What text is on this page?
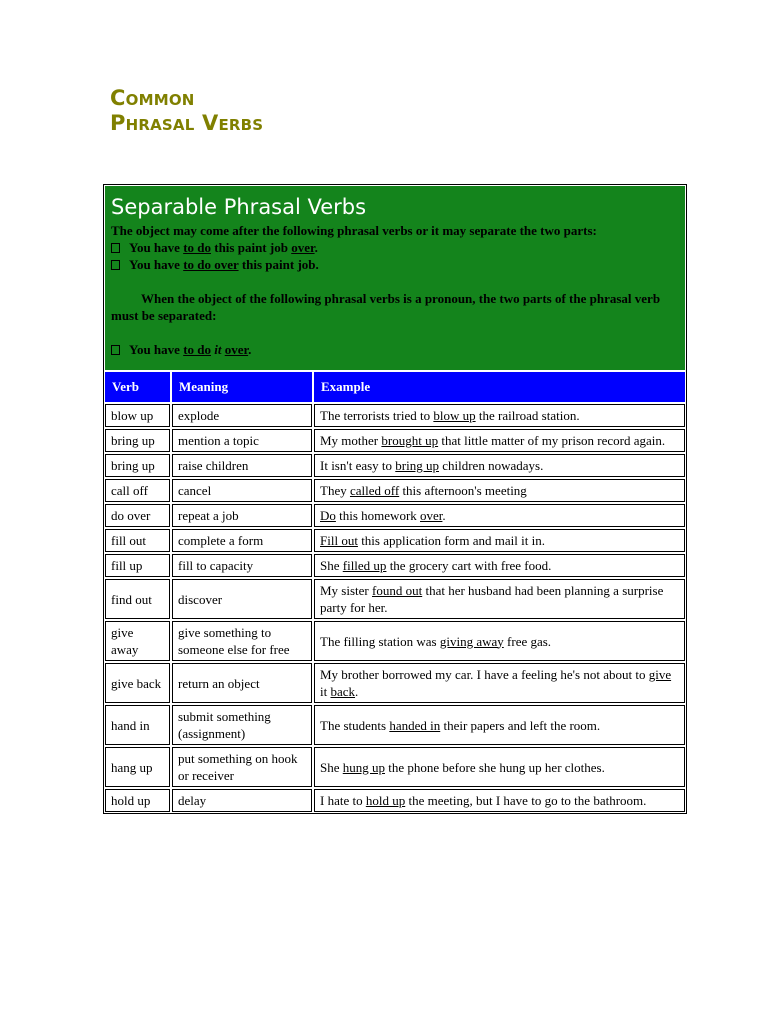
Common
Phrasal Verbs
Separable Phrasal Verbs

The object may come after the following phrasal verbs or it may separate the two parts:

You have to do this paint job over.

You have to do over this paint job.

When the object of the following phrasal verbs is a pronoun, the two parts of the phrasal verb must be separated:

You have to do it over.

Verb	Meaning	Example
blow up	explode	The terrorists tried to blow up the railroad station.
bring up	mention a topic	My mother brought up that little matter of my prison record again.
bring up	raise children	It isn't easy to bring up children nowadays.
call off	cancel	They called off this afternoon's meeting
do over	repeat a job	Do this homework over.
fill out	complete a form	Fill out this application form and mail it in.
fill up	fill to capacity	She filled up the grocery cart with free food.
find out	discover	My sister found out that her husband had been planning a surprise party for her.
give away	give something to someone else for free	The filling station was giving away free gas.
give back	return an object	My brother borrowed my car. I have a feeling he's not about to give it back.
hand in	submit something (assignment)	The students handed in their papers and left the room.
hang up	put something on hook or receiver	She hung up the phone before she hung up her clothes.
hold up	delay	I hate to hold up the meeting, but I have to go to the bathroom.
